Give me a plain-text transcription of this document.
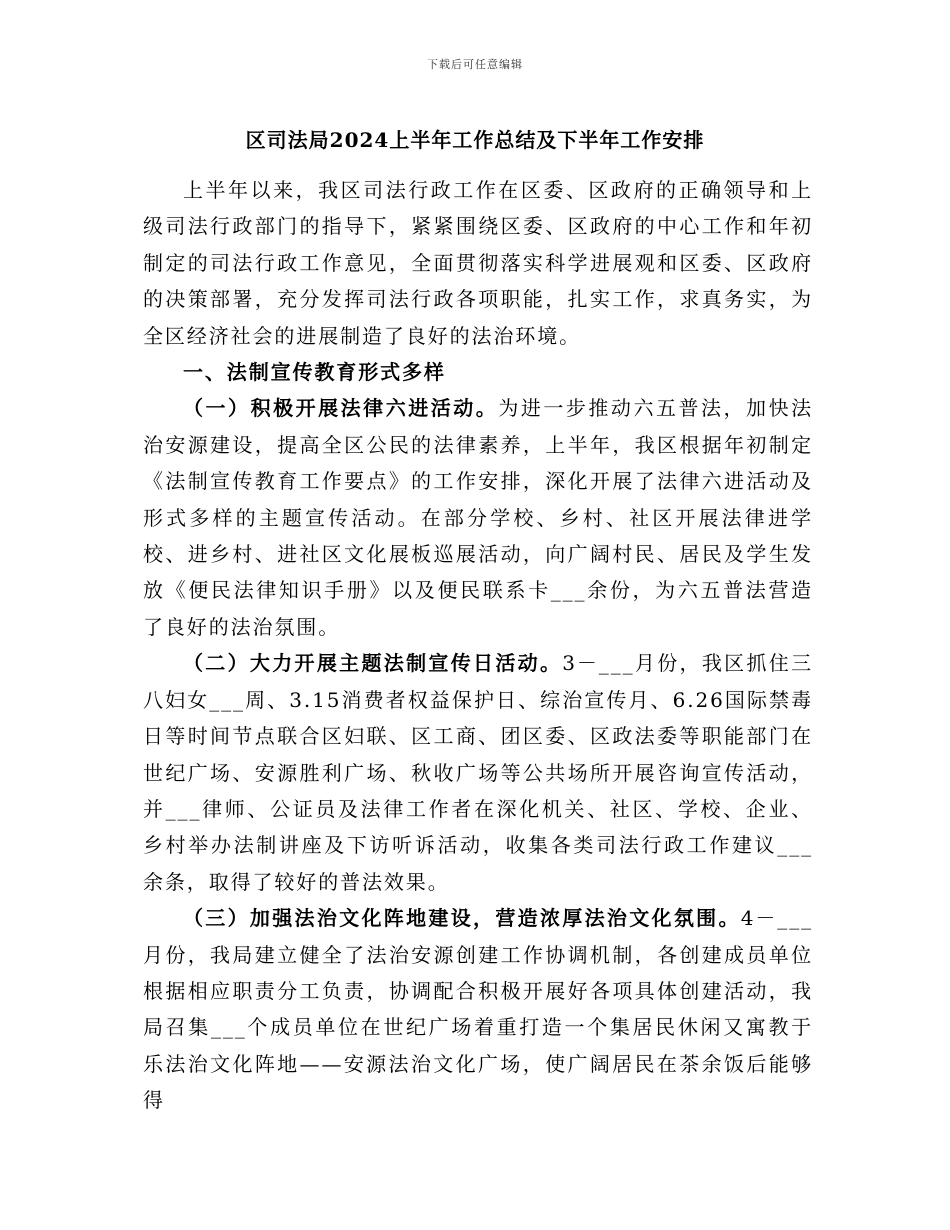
下载后可任意编辑
区司法局2024上半年工作总结及下半年工作安排

上半年以来，我区司法行政工作在区委、区政府的正确领导和上级司法行政部门的指导下，紧紧围绕区委、区政府的中心工作和年初制定的司法行政工作意见，全面贯彻落实科学进展观和区委、区政府的决策部署，充分发挥司法行政各项职能，扎实工作，求真务实，为全区经济社会的进展制造了良好的法治环境。

一、法制宣传教育形式多样

（一）积极开展法律六进活动。为进一步推动六五普法，加快法治安源建设，提高全区公民的法律素养，上半年，我区根据年初制定《法制宣传教育工作要点》的工作安排，深化开展了法律六进活动及形式多样的主题宣传活动。在部分学校、乡村、社区开展法律进学校、进乡村、进社区文化展板巡展活动，向广阔村民、居民及学生发放《便民法律知识手册》以及便民联系卡___余份，为六五普法营造了良好的法治氛围。

（二）大力开展主题法制宣传日活动。3－___月份，我区抓住三八妇女___周、3.15消费者权益保护日、综治宣传月、6.26国际禁毒日等时间节点联合区妇联、区工商、团区委、区政法委等职能部门在世纪广场、安源胜利广场、秋收广场等公共场所开展咨询宣传活动，并___律师、公证员及法律工作者在深化机关、社区、学校、企业、乡村举办法制讲座及下访听诉活动，收集各类司法行政工作建议___余条，取得了较好的普法效果。

（三）加强法治文化阵地建设，营造浓厚法治文化氛围。4－___月份，我局建立健全了法治安源创建工作协调机制，各创建成员单位根据相应职责分工负责，协调配合积极开展好各项具体创建活动，我局召集___个成员单位在世纪广场着重打造一个集居民休闲又寓教于乐法治文化阵地——安源法治文化广场，使广阔居民在茶余饭后能够得
